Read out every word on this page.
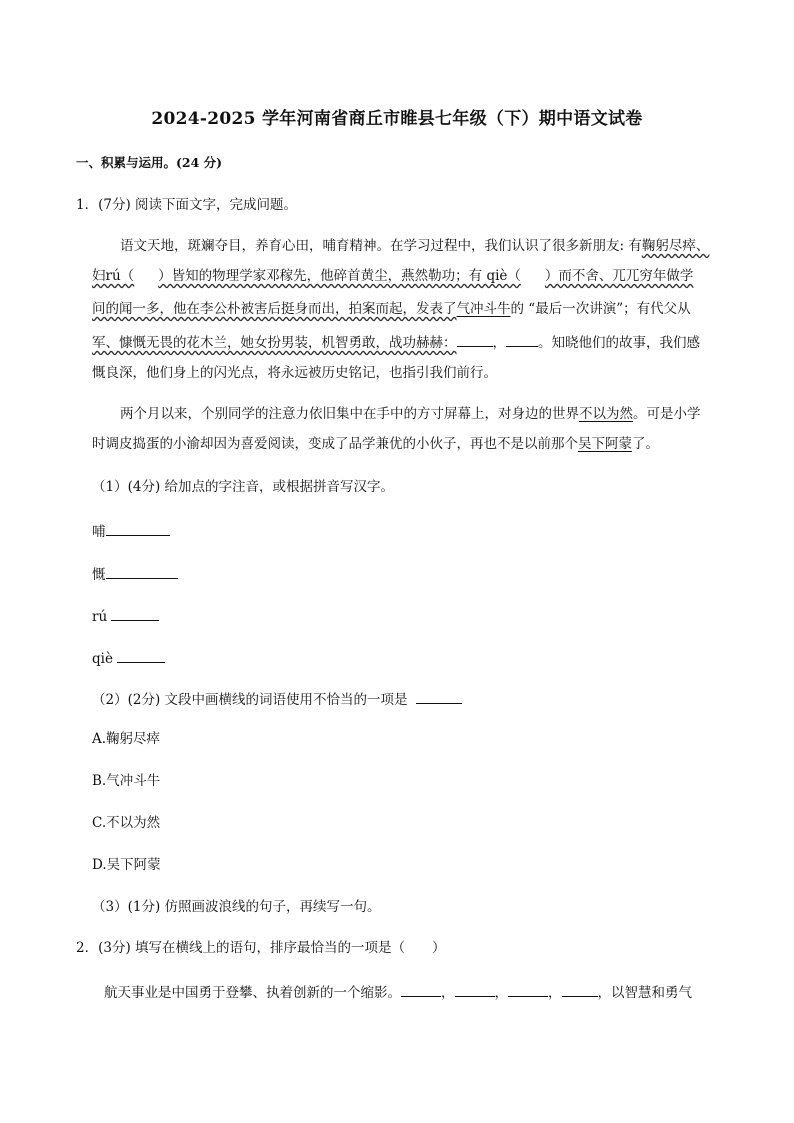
2024-2025 学年河南省商丘市睢县七年级（下）期中语文试卷
一、积累与运用。(24 分)
1．(7分) 阅读下面文字，完成问题。
语文天地，斑斓夺目，养育心田，哺育精神。在学习过程中，我们认识了很多新朋友: 有鞠躬尽瘁、
妇rú（ ）皆知的物理学家邓稼先，他碎首黄尘，燕然勒功；有 qiè（ ）而不舍、兀兀穷年做学
问的闻一多，他在李公朴被害后挺身而出，拍案而起，发表了气冲斗牛的 “最后一次讲演”；有代父从
军、慷慨无畏的花木兰，她女扮男装，机智勇敢，战功赫赫：	， 。知晓他们的故事，我们感
慨良深，他们身上的闪光点，将永远被历史铭记，也指引我们前行。
两个月以来，个别同学的注意力依旧集中在手中的方寸屏幕上，对身边的世界不以为然。可是小学
时调皮捣蛋的小渝却因为喜爱阅读，变成了品学兼优的小伙子，再也不是以前那个吴下阿蒙了。
（1）(4分) 给加点的字注音，或根据拼音写汉字。
哺
慨
rú
qiè
（2）(2分) 文段中画横线的词语使用不恰当的一项是
A.鞠躬尽瘁
B.气冲斗牛
C.不以为然
D.吴下阿蒙
（3）(1分) 仿照画波浪线的句子，再续写一句。
2．(3分) 填写在横线上的语句，排序最恰当的一项是（　　）
航天事业是中国勇于登攀、执着创新的一个缩影。	，	，	，	，以智慧和勇气
